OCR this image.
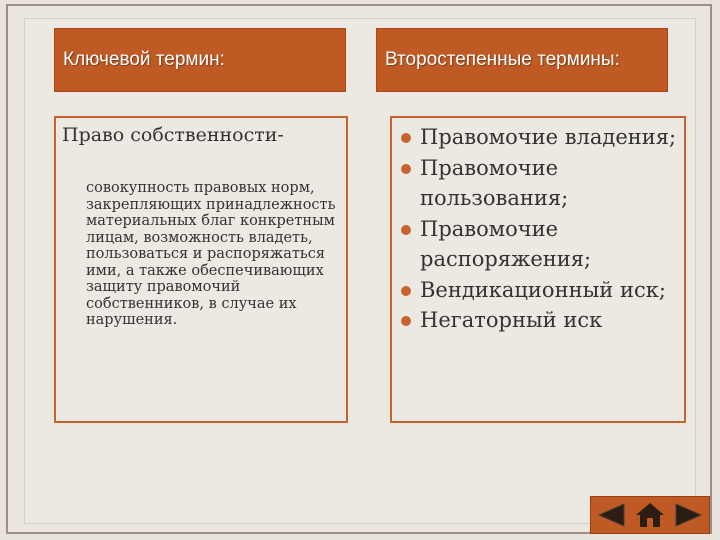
Ключевой термин:	Второстепенные термины:
Право собственности-
совокупность правовых норм, закрепляющих принадлежность материальных благ конкретным лицам, возможность владеть, пользоваться и распоряжаться ими, а также обеспечивающих защиту правомочий собственников, в случае их нарушения.
Правомочие владения;
Правомочие пользования;
Правомочие распоряжения;
Вендикационный иск;
Негаторный иск
